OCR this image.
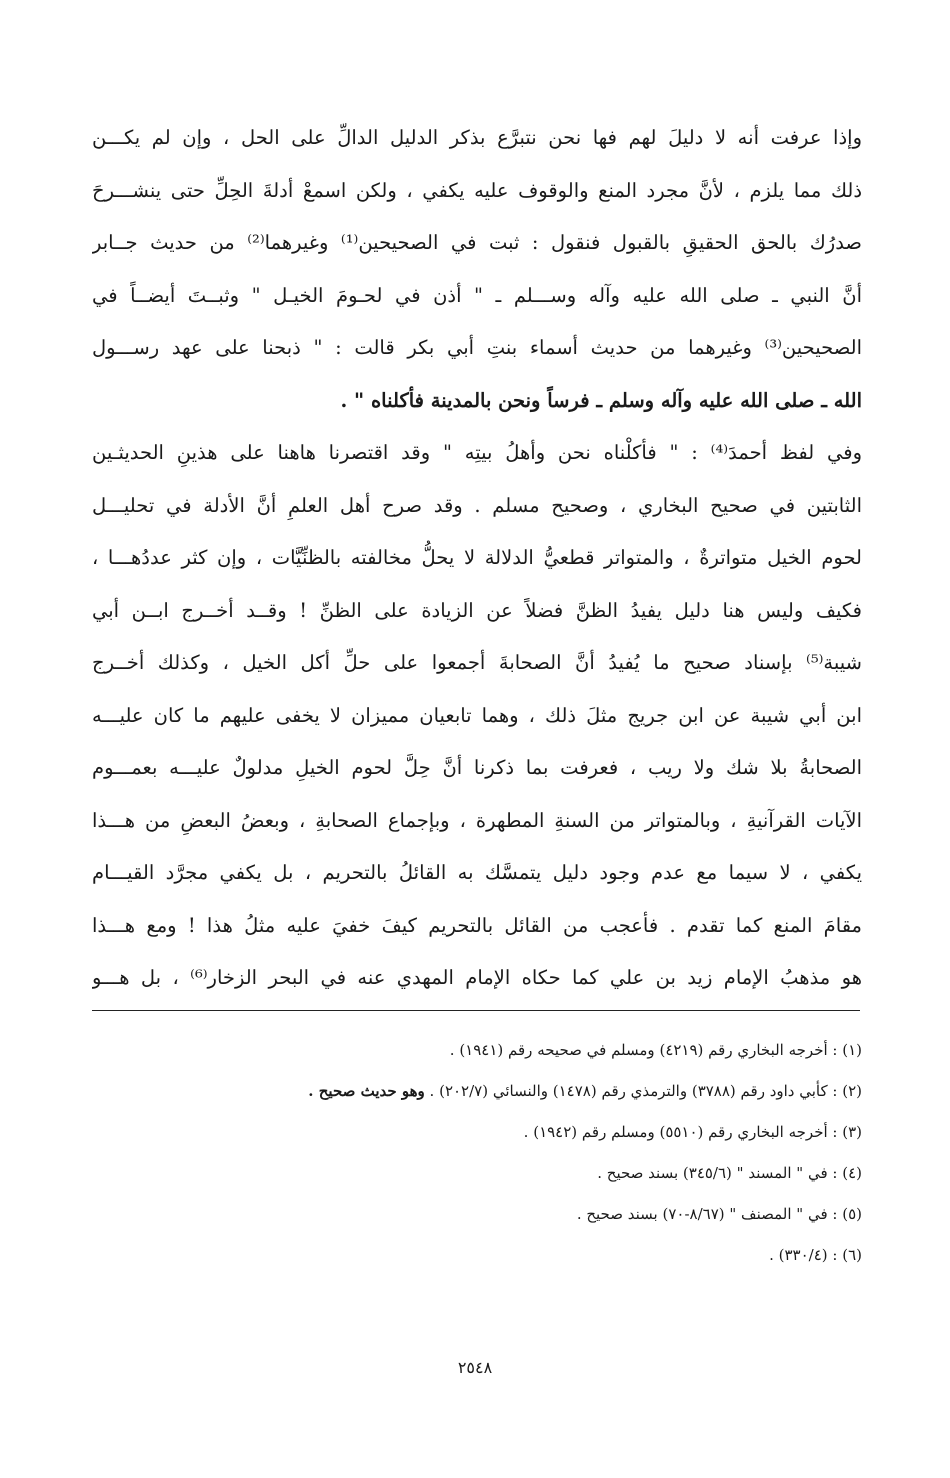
وإذا عرفت أنه لا دليلَ لهم فها نحن نتبرَّع بذكر الدليل الدالِّ على الحل ، وإن لم يكـــن
ذلك مما يلزم ، لأنَّ مجرد المنع والوقوف عليه يكفي ، ولكن اسمعْ أدلةَ الحِلِّ حتى ينشـــرحَ
صدرُك بالحق الحقيقِ بالقبول فنقول : ثبت في الصحيحين⁽¹⁾ وغيرهما⁽²⁾ من حديث جــابر
أنَّ النبي ـ صلى الله عليه وآله وســـلم ـ " أذن في لحـومَ الخيـل " وثبــتَ أيضــاً في
الصحيحين⁽³⁾ وغيرهما من حديث أسماء بنتِ أبي بكر قالت : " ذبحنا على عهد رســـول
الله ـ صلى الله عليه وآله وسلم ـ فرساً ونحن بالمدينة فأكلناه " .
وفي لفظ أحمدَ⁽⁴⁾ : " فأكلْناه نحن وأهلُ بيتِه " وقد اقتصرنا هاهنا على هذينِ الحديثـين
الثابتين في صحيح البخاري ، وصحيح مسلم . وقد صرح أهل العلمِ أنَّ الأدلة في تحليـــل
لحوم الخيل متواترةٌ ، والمتواتر قطعيُّ الدلالة لا يحلُّ مخالفته بالظنِّيَّات ، وإن كثر عددُهـــا ،
فكيف وليس هنا دليل يفيدُ الظنَّ فضلاً عن الزيادة على الظنِّ ! وقــد أخــرج ابــن أبي
شيبة⁽⁵⁾ بإسناد صحيح ما يُفيدُ أنَّ الصحابةَ أجمعوا على حلِّ أكل الخيل ، وكذلك أخــرج
ابن أبي شيبة عن ابن جريج مثلَ ذلك ، وهما تابعيان مميزان لا يخفى عليهم ما كان عليـــه
الصحابةُ بلا شك ولا ريب ، فعرفت بما ذكرنا أنَّ حِلَّ لحوم الخيلِ مدلولٌ عليـــه بعمـــوم
الآيات القرآنيةِ ، وبالمتواتر من السنةِ المطهرة ، وبإجماع الصحابةِ ، وبعضُ البعضِ من هـــذا
يكفي ، لا سيما مع عدم وجود دليل يتمسَّك به القائلُ بالتحريم ، بل يكفي مجرَّد القيـــام
مقامَ المنع كما تقدم . فأعجب من القائل بالتحريم كيفَ خفيَ عليه مثلُ هذا ! ومع هـــذا
هو مذهبُ الإمام زيد بن علي كما حكاه الإمام المهدي عنه في البحر الزخار⁽⁶⁾ ، بل هـــو
(١) : أخرجه البخاري رقم (٤٢١٩) ومسلم في صحيحه رقم (١٩٤١) .
(٢) : كأبي داود رقم (٣٧٨٨) والترمذي رقم (١٤٧٨) والنسائي (٢٠٢/٧) . وهو حديث صحيح .
(٣) : أخرجه البخاري رقم (٥٥١٠) ومسلم رقم (١٩٤٢) .
(٤) : في " المسند " (٣٤٥/٦) بسند صحيح .
(٥) : في " المصنف " (٨/٦٧-٧٠) بسند صحيح .
(٦) : (٣٣٠/٤) .
٢٥٤٨
